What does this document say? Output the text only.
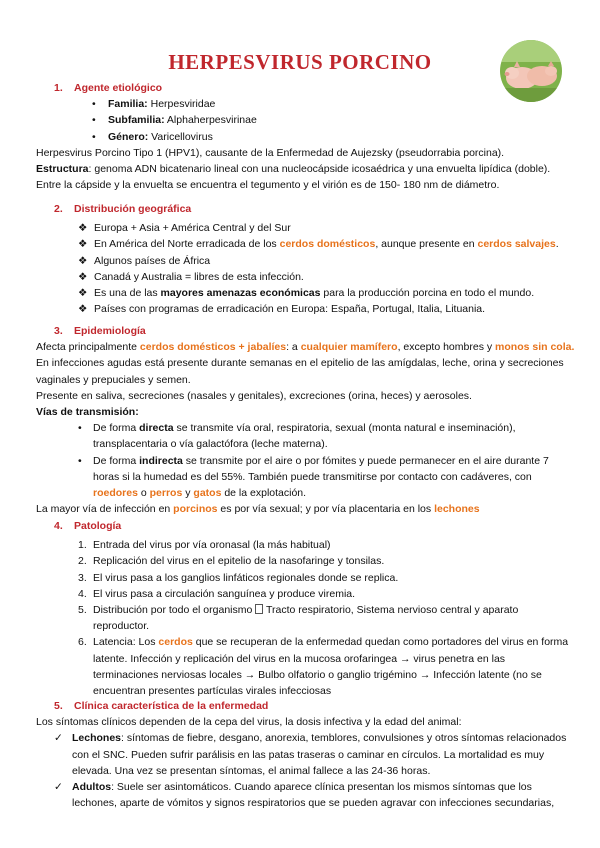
HERPESVIRUS PORCINO
1. Agente etiológico
• Familia: Herpesviridae
• Subfamilia: Alphaherpesvirinae
• Género: Varicellovirus
Herpesvirus Porcino Tipo 1 (HPV1), causante de la Enfermedad de Aujezsky (pseudorrabia porcina).
Estructura: genoma ADN bicatenario lineal con una nucleocápside icosaédrica y una envuelta lipídica (doble).
Entre la cápside y la envuelta se encuentra el tegumento y el virión es de 150- 180 nm de diámetro.
2. Distribución geográfica
❖ Europa + Asia + América Central y del Sur
❖ En América del Norte erradicada de los cerdos domésticos, aunque presente en cerdos salvajes.
❖ Algunos países de África
❖ Canadá y Australia = libres de esta infección.
❖ Es una de las mayores amenazas económicas para la producción porcina en todo el mundo.
❖ Países con programas de erradicación en Europa: España, Portugal, Italia, Lituania.
3. Epidemiología
Afecta principalmente cerdos domésticos + jabalíes: a cualquier mamífero, excepto hombres y monos sin cola.
En infecciones agudas está presente durante semanas en el epitelio de las amígdalas, leche, orina y secreciones
vaginales y prepuciales y semen.
Presente en saliva, secreciones (nasales y genitales), excreciones (orina, heces) y aerosoles.
Vías de transmisión:
• De forma directa se transmite vía oral, respiratoria, sexual (monta natural e inseminación),
transplacentaria o vía galactófora (leche materna).
• De forma indirecta se transmite por el aire o por fómites y puede permanecer en el aire durante 7
horas si la humedad es del 55%. También puede transmitirse por contacto con cadáveres, con
roedores o perros y gatos de la explotación.
La mayor vía de infección en porcinos es por vía sexual; y por vía placentaria en los lechones
4. Patología
1. Entrada del virus por vía oronasal (la más habitual)
2. Replicación del virus en el epitelio de la nasofaringe y tonsilas.
3. El virus pasa a los ganglios linfáticos regionales donde se replica.
4. El virus pasa a circulación sanguínea y produce viremia.
5. Distribución por todo el organismo Tracto respiratorio, Sistema nervioso central y aparato
reproductor.
6. Latencia: Los cerdos que se recuperan de la enfermedad quedan como portadores del virus en forma
latente. Infección y replicación del virus en la mucosa orofaringea → virus penetra en las
terminaciones nerviosas locales → Bulbo olfatorio o ganglio trigémino → Infección latente (no se
encuentran presentes partículas virales infecciosas
5. Clínica característica de la enfermedad
Los síntomas clínicos dependen de la cepa del virus, la dosis infectiva y la edad del animal:
✓ Lechones: síntomas de fiebre, desgano, anorexia, temblores, convulsiones y otros síntomas relacionados
con el SNC. Pueden sufrir parálisis en las patas traseras o caminar en círculos. La mortalidad es muy
elevada. Una vez se presentan síntomas, el animal fallece a las 24-36 horas.
✓ Adultos: Suele ser asintomáticos. Cuando aparece clínica presentan los mismos síntomas que los
lechones, aparte de vómitos y signos respiratorios que se pueden agravar con infecciones secundarias,
